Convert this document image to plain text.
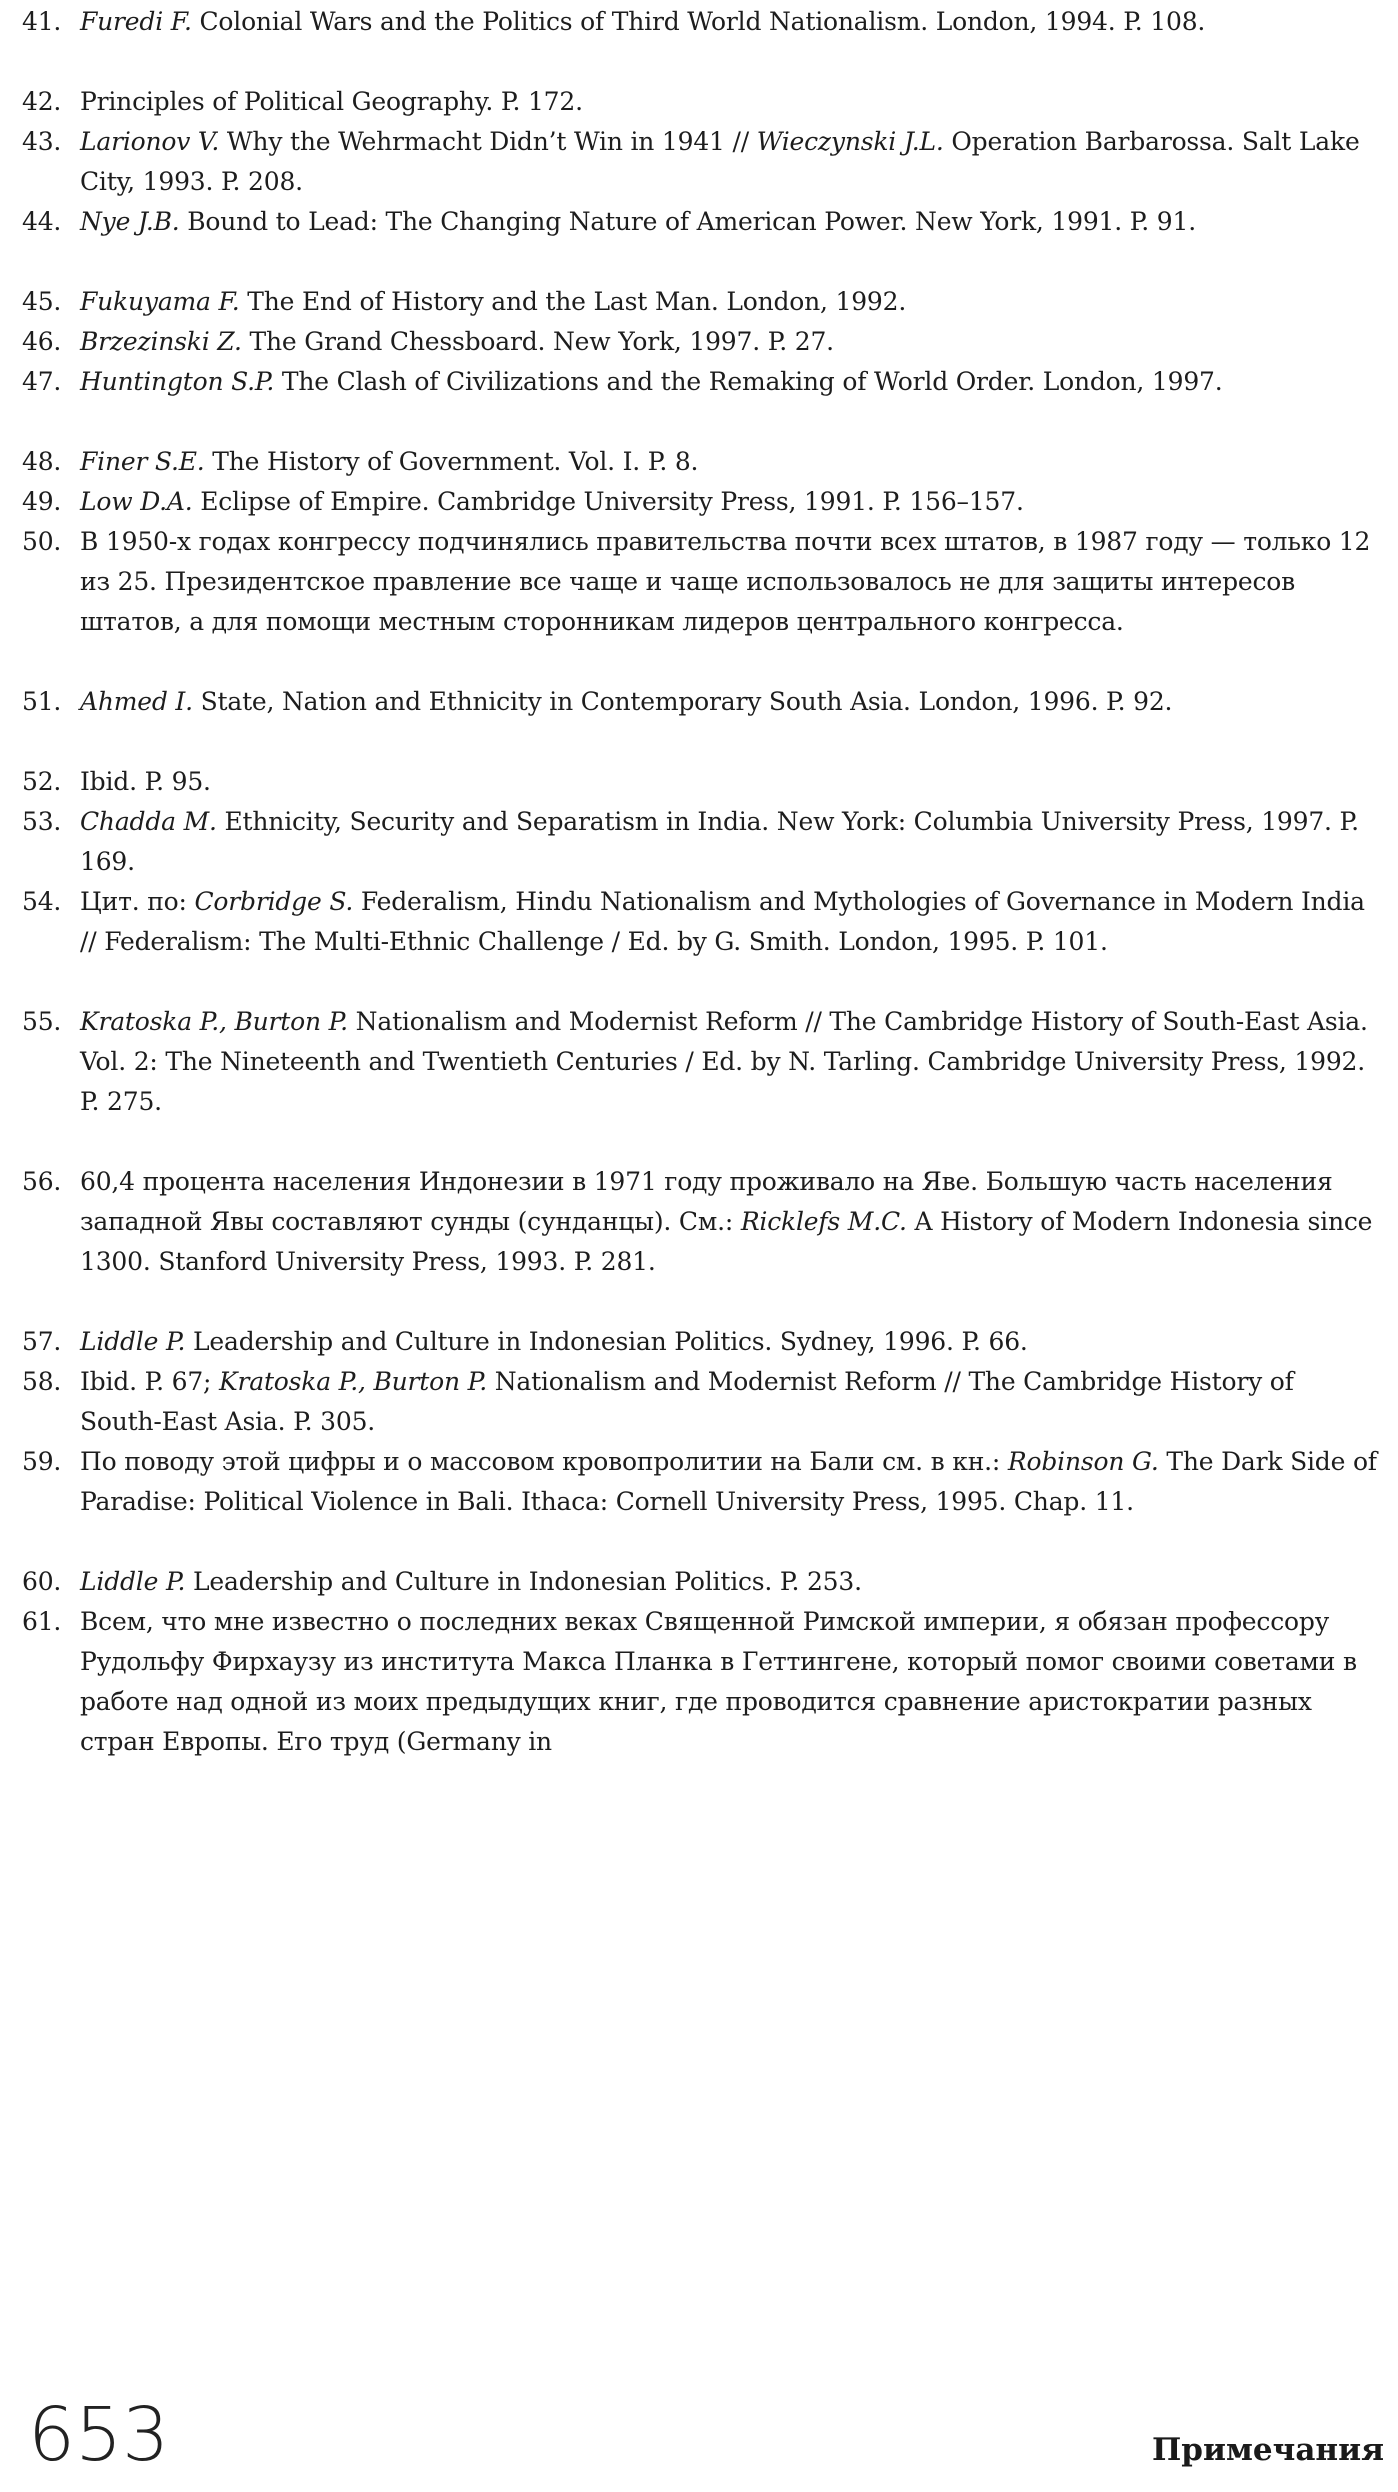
41. Furedi F. Colonial Wars and the Politics of Third World Nationalism. London, 1994. P. 108.
42. Principles of Political Geography. P. 172.
43. Larionov V. Why the Wehrmacht Didn’t Win in 1941 // Wieczynski J.L. Operation Barbarossa. Salt Lake City, 1993. P. 208.
44. Nye J.B. Bound to Lead: The Changing Nature of American Power. New York, 1991. P. 91.
45. Fukuyama F. The End of History and the Last Man. London, 1992.
46. Brzezinski Z. The Grand Chessboard. New York, 1997. P. 27.
47. Huntington S.P. The Clash of Civilizations and the Remaking of World Order. London, 1997.
48. Finer S.E. The History of Government. Vol. I. P. 8.
49. Low D.A. Eclipse of Empire. Cambridge University Press, 1991. P. 156–157.
50. В 1950-х годах конгрессу подчинялись правительства почти всех штатов, в 1987 году — только 12 из 25. Президентское правление все чаще и чаще использовалось не для защиты интересов штатов, а для помощи местным сторонникам лидеров центрального конгресса.
51. Ahmed I. State, Nation and Ethnicity in Contemporary South Asia. London, 1996. P. 92.
52. Ibid. P. 95.
53. Chadda M. Ethnicity, Security and Separatism in India. New York: Columbia University Press, 1997. P. 169.
54. Цит. по: Corbridge S. Federalism, Hindu Nationalism and Mythologies of Governance in Modern India // Federalism: The Multi-Ethnic Challenge / Ed. by G. Smith. London, 1995. P. 101.
55. Kratoska P., Burton P. Nationalism and Modernist Reform // The Cambridge History of South-East Asia. Vol. 2: The Nineteenth and Twentieth Centuries / Ed. by N. Tarling. Cambridge University Press, 1992. P. 275.
56. 60,4 процента населения Индонезии в 1971 году проживало на Яве. Большую часть населения западной Явы составляют сунды (сунданцы). См.: Ricklefs M.C. A History of Modern Indonesia since 1300. Stanford University Press, 1993. P. 281.
57. Liddle P. Leadership and Culture in Indonesian Politics. Sydney, 1996. P. 66.
58. Ibid. P. 67; Kratoska P., Burton P. Nationalism and Modernist Reform // The Cambridge History of South-East Asia. P. 305.
59. По поводу этой цифры и о массовом кровопролитии на Бали см. в кн.: Robinson G. The Dark Side of Paradise: Political Violence in Bali. Ithaca: Cornell University Press, 1995. Chap. 11.
60. Liddle P. Leadership and Culture in Indonesian Politics. P. 253.
61. Всем, что мне известно о последних веках Священной Римской империи, я обязан профессору Рудольфу Фирхаузу из института Макса Планка в Геттингене, который помог своими советами в работе над одной из моих предыдущих книг, где проводится сравнение аристократии разных стран Европы. Его труд (Germany in
653	Примечания
